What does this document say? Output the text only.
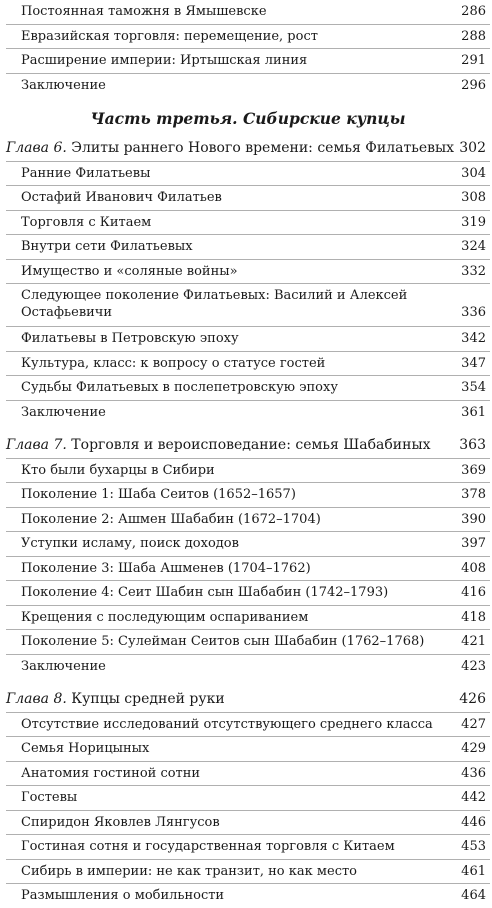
Постоянная таможня в Ямышевске	286
Евразийская торговля: перемещение, рост	288
Расширение империи: Иртышская линия	291
Заключение	296
Часть третья. Сибирские купцы
Глава 6. Элиты раннего Нового времени: семья Филатьевых 302
Ранние Филатьевы	304
Остафий Иванович Филатьев	308
Торговля с Китаем	319
Внутри сети Филатьевых	324
Имущество и «соляные войны»	332
Следующее поколение Филатьевых: Василий и Алексей Остафьевичи	336
Филатьевы в Петровскую эпоху	342
Культура, класс: к вопросу о статусе гостей	347
Судьбы Филатьевых в послепетровскую эпоху	354
Заключение	361
Глава 7. Торговля и вероисповедание: семья Шабабиных 363
Кто были бухарцы в Сибири	369
Поколение 1: Шаба Сеитов (1652–1657)	378
Поколение 2: Ашмен Шабабин (1672–1704)	390
Уступки исламу, поиск доходов	397
Поколение 3: Шаба Ашменев (1704–1762)	408
Поколение 4: Сеит Шабин сын Шабабин (1742–1793)	416
Крещения с последующим оспариванием	418
Поколение 5: Сулейман Сеитов сын Шабабин (1762–1768)	421
Заключение	423
Глава 8. Купцы средней руки	426
Отсутствие исследований отсутствующего среднего класса 427
Семья Норицыных	429
Анатомия гостиной сотни	436
Гостевы	442
Спиридон Яковлев Лянгусов	446
Гостиная сотня и государственная торговля с Китаем	453
Сибирь в империи: не как транзит, но как место	461
Размышления о мобильности	464
